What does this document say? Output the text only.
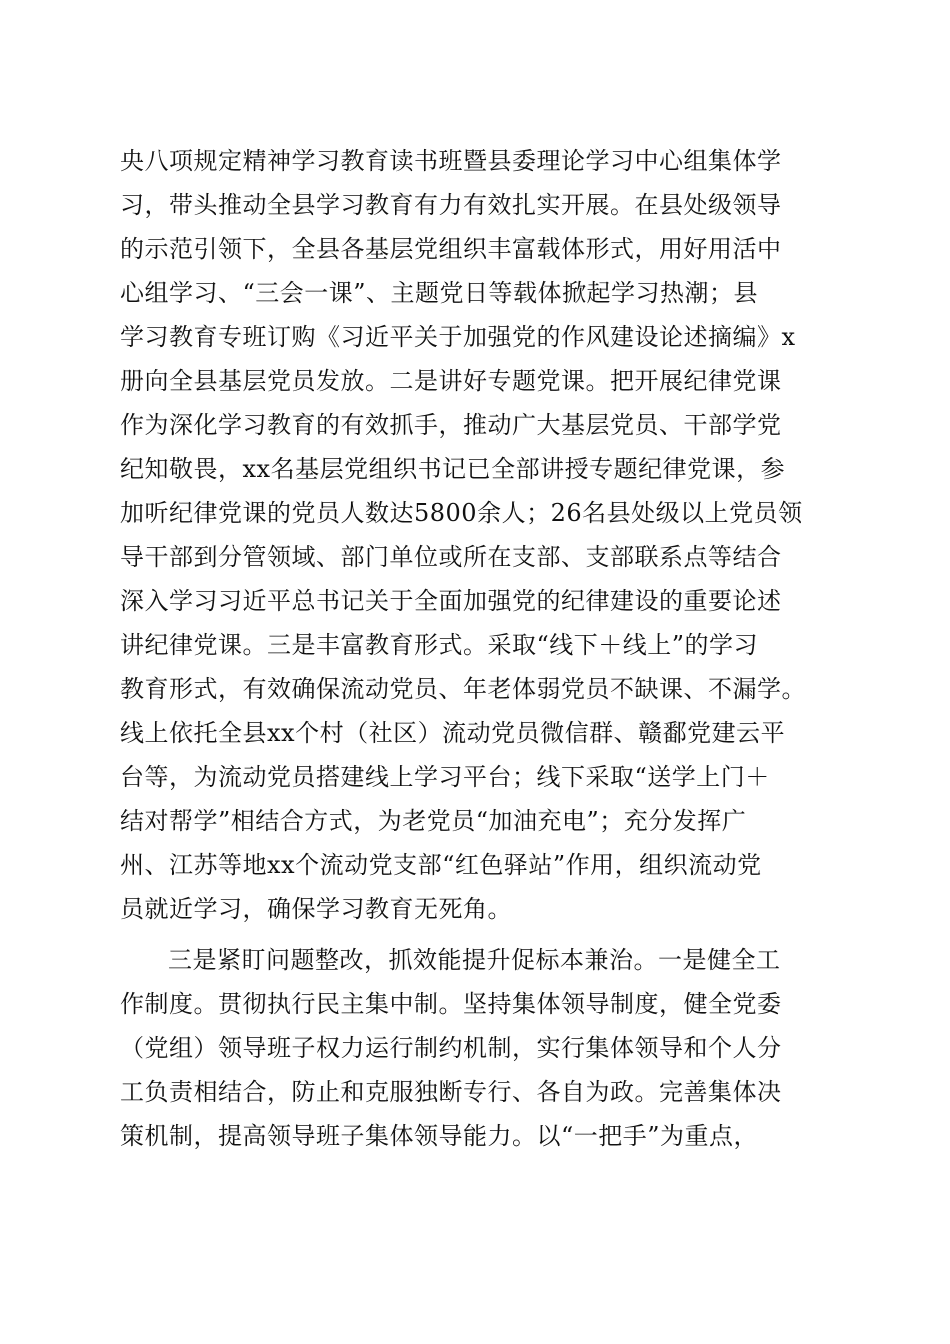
央八项规定精神学习教育读书班暨县委理论学习中心组集体学
习，带头推动全县学习教育有力有效扎实开展。在县处级领导
的示范引领下，全县各基层党组织丰富载体形式，用好用活中
心组学习、“三会一课”、主题党日等载体掀起学习热潮；县
学习教育专班订购《习近平关于加强党的作风建设论述摘编》x
册向全县基层党员发放。二是讲好专题党课。把开展纪律党课
作为深化学习教育的有效抓手，推动广大基层党员、干部学党
纪知敬畏，xx名基层党组织书记已全部讲授专题纪律党课，参
加听纪律党课的党员人数达5800余人；26名县处级以上党员领
导干部到分管领域、部门单位或所在支部、支部联系点等结合
深入学习习近平总书记关于全面加强党的纪律建设的重要论述
讲纪律党课。三是丰富教育形式。采取“线下＋线上”的学习
教育形式，有效确保流动党员、年老体弱党员不缺课、不漏学。
线上依托全县xx个村（社区）流动党员微信群、赣鄱党建云平
台等，为流动党员搭建线上学习平台；线下采取“送学上门＋
结对帮学”相结合方式，为老党员“加油充电”；充分发挥广
州、江苏等地xx个流动党支部“红色驿站”作用，组织流动党
员就近学习，确保学习教育无死角。
三是紧盯问题整改，抓效能提升促标本兼治。一是健全工
作制度。贯彻执行民主集中制。坚持集体领导制度，健全党委
（党组）领导班子权力运行制约机制，实行集体领导和个人分
工负责相结合，防止和克服独断专行、各自为政。完善集体决
策机制，提高领导班子集体领导能力。以“一把手”为重点，
